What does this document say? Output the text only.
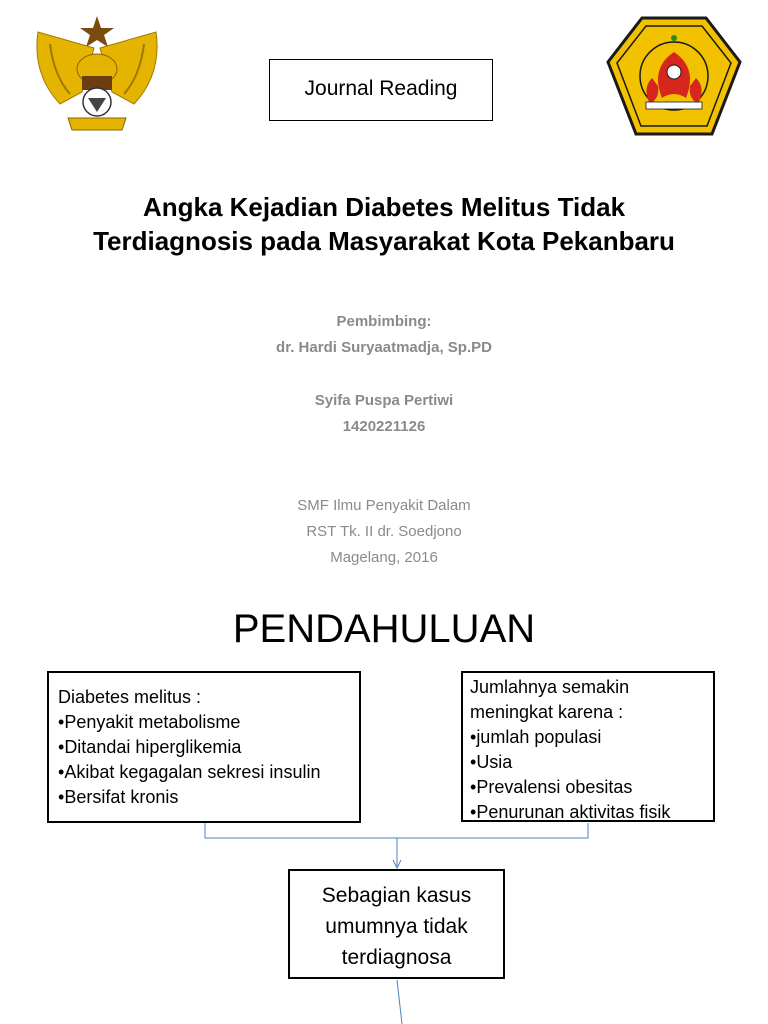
Journal Reading
Angka Kejadian Diabetes Melitus Tidak
Terdiagnosis pada Masyarakat Kota Pekanbaru
Pembimbing:
dr. Hardi Suryaatmadja, Sp.PD
Syifa Puspa Pertiwi
1420221126
SMF Ilmu Penyakit Dalam
RST Tk. II dr. Soedjono
Magelang, 2016
PENDAHULUAN
Diabetes melitus :
• Penyakit metabolisme
• Ditandai hiperglikemia
• Akibat kegagalan sekresi insulin
• Bersifat kronis
Jumlahnya semakin
meningkat karena :
• jumlah populasi
• Usia
• Prevalensi obesitas
• Penurunan aktivitas fisik
Sebagian kasus
umumnya tidak
terdiagnosa
